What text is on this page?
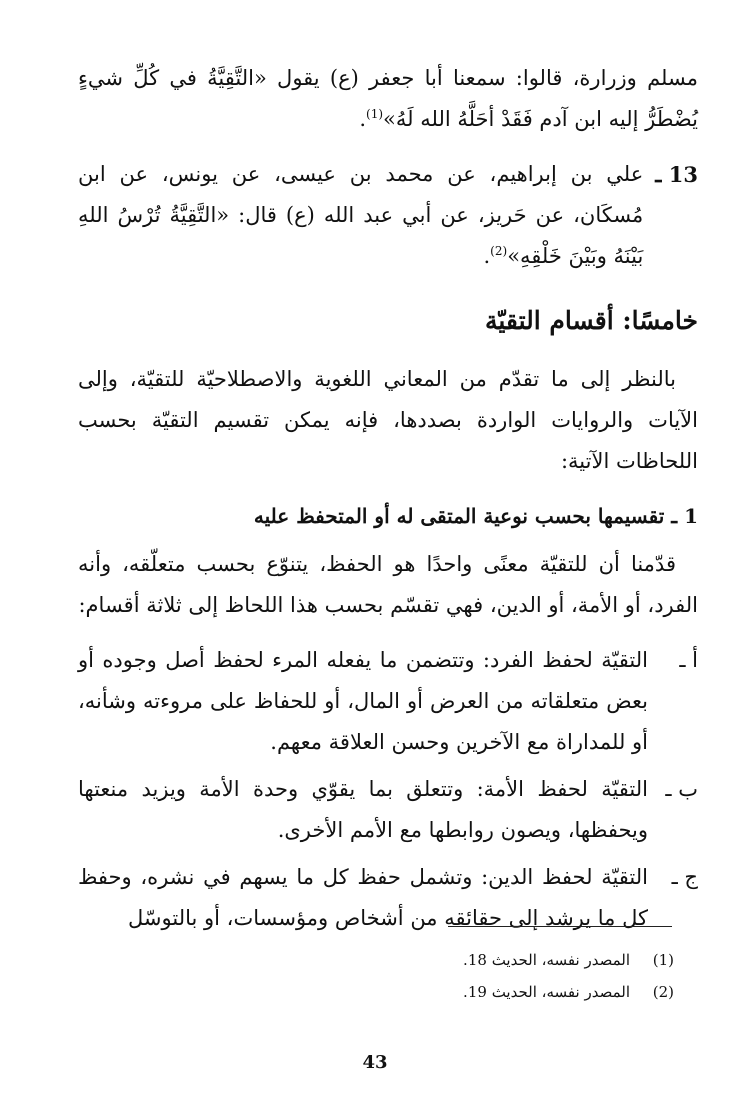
مسلم وزرارة، قالوا: سمعنا أبا جعفر (ع) يقول «التَّقِيَّةُ في كُلِّ شيءٍ يُضْطَرُّ إليه ابن آدم فَقَدْ أحَلَّهُ الله لَهُ»$^{(1)}$.

13 ـ
علي بن إبراهيم، عن محمد بن عيسى، عن يونس، عن ابن مُسكَان، عن حَريز، عن أبي عبد الله (ع) قال: «التَّقِيَّةُ تُرْسُ اللهِ بَيْنَهُ وبَيْنَ خَلْقِهِ»$^{(2)}$.
خامسًا: أقسام التقيّة

بالنظر إلى ما تقدّم من المعاني اللغوية والاصطلاحيّة للتقيّة، وإلى الآيات والروايات الواردة بصددها، فإنه يمكن تقسيم التقيّة بحسب اللحاظات الآتية:

1 ـ تقسيمها بحسب نوعية المتقى له أو المتحفظ عليه

قدّمنا أن للتقيّة معنًى واحدًا هو الحفظ، يتنوّع بحسب متعلّقه، وأنه الفرد، أو الأمة، أو الدين، فهي تقسّم بحسب هذا اللحاظ إلى ثلاثة أقسام:

أ ـ
التقيّة لحفظ الفرد: وتتضمن ما يفعله المرء لحفظ أصل وجوده أو بعض متعلقاته من العرض أو المال، أو للحفاظ على مروءته وشأنه، أو للمداراة مع الآخرين وحسن العلاقة معهم.
ب ـ
التقيّة لحفظ الأمة: وتتعلق بما يقوّي وحدة الأمة ويزيد منعتها ويحفظها، ويصون روابطها مع الأمم الأخرى.
ج ـ
التقيّة لحفظ الدين: وتشمل حفظ كل ما يسهم في نشره، وحفظ كل ما يرشد إلى حقائقه من أشخاص ومؤسسات، أو بالتوسّل
(1)
المصدر نفسه، الحديث 18.
(2)
المصدر نفسه، الحديث 19.
43
